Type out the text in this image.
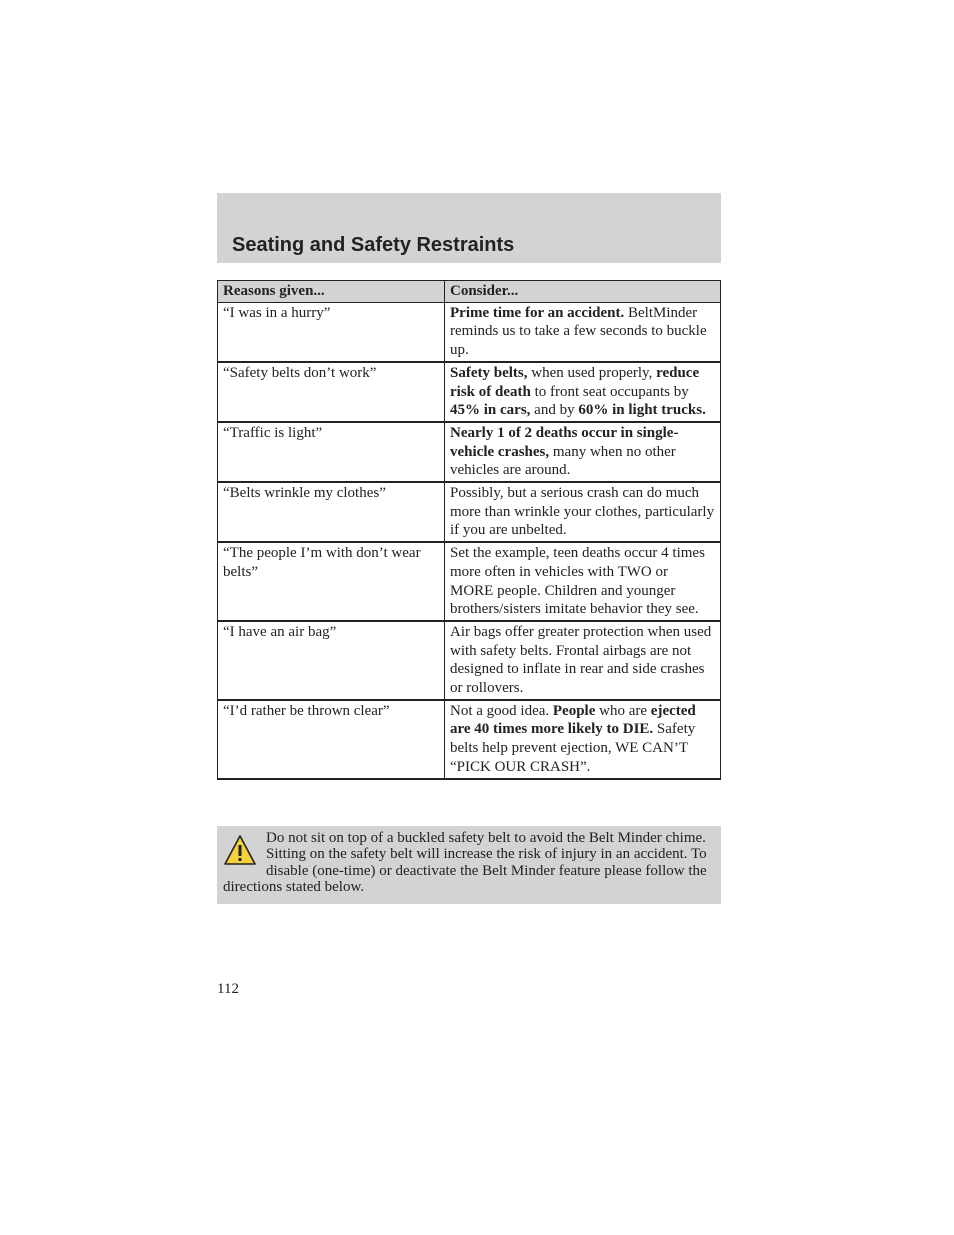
Seating and Safety Restraints
Reasons given...	Consider...
“I was in a hurry”	Prime time for an accident. BeltMinder reminds us to take a few seconds to buckle up.
“Safety belts don’t work”	Safety belts, when used properly, reduce risk of death to front seat occupants by 45% in cars, and by 60% in light trucks.
“Traffic is light”	Nearly 1 of 2 deaths occur in single-vehicle crashes, many when no other vehicles are around.
“Belts wrinkle my clothes”	Possibly, but a serious crash can do much more than wrinkle your clothes, particularly if you are unbelted.
“The people I’m with don’t wear belts”	Set the example, teen deaths occur 4 times more often in vehicles with TWO or MORE people. Children and younger brothers/sisters imitate behavior they see.
“I have an air bag”	Air bags offer greater protection when used with safety belts. Frontal airbags are not designed to inflate in rear and side crashes or rollovers.
“I’d rather be thrown clear”	Not a good idea. People who are ejected are 40 times more likely to DIE. Safety belts help prevent ejection, WE CAN’T “PICK OUR CRASH”.
Do not sit on top of a buckled safety belt to avoid the Belt Minder chime. Sitting on the safety belt will increase the risk of injury in an accident. To disable (one-time) or deactivate the Belt Minder feature please follow the directions stated below.
112
